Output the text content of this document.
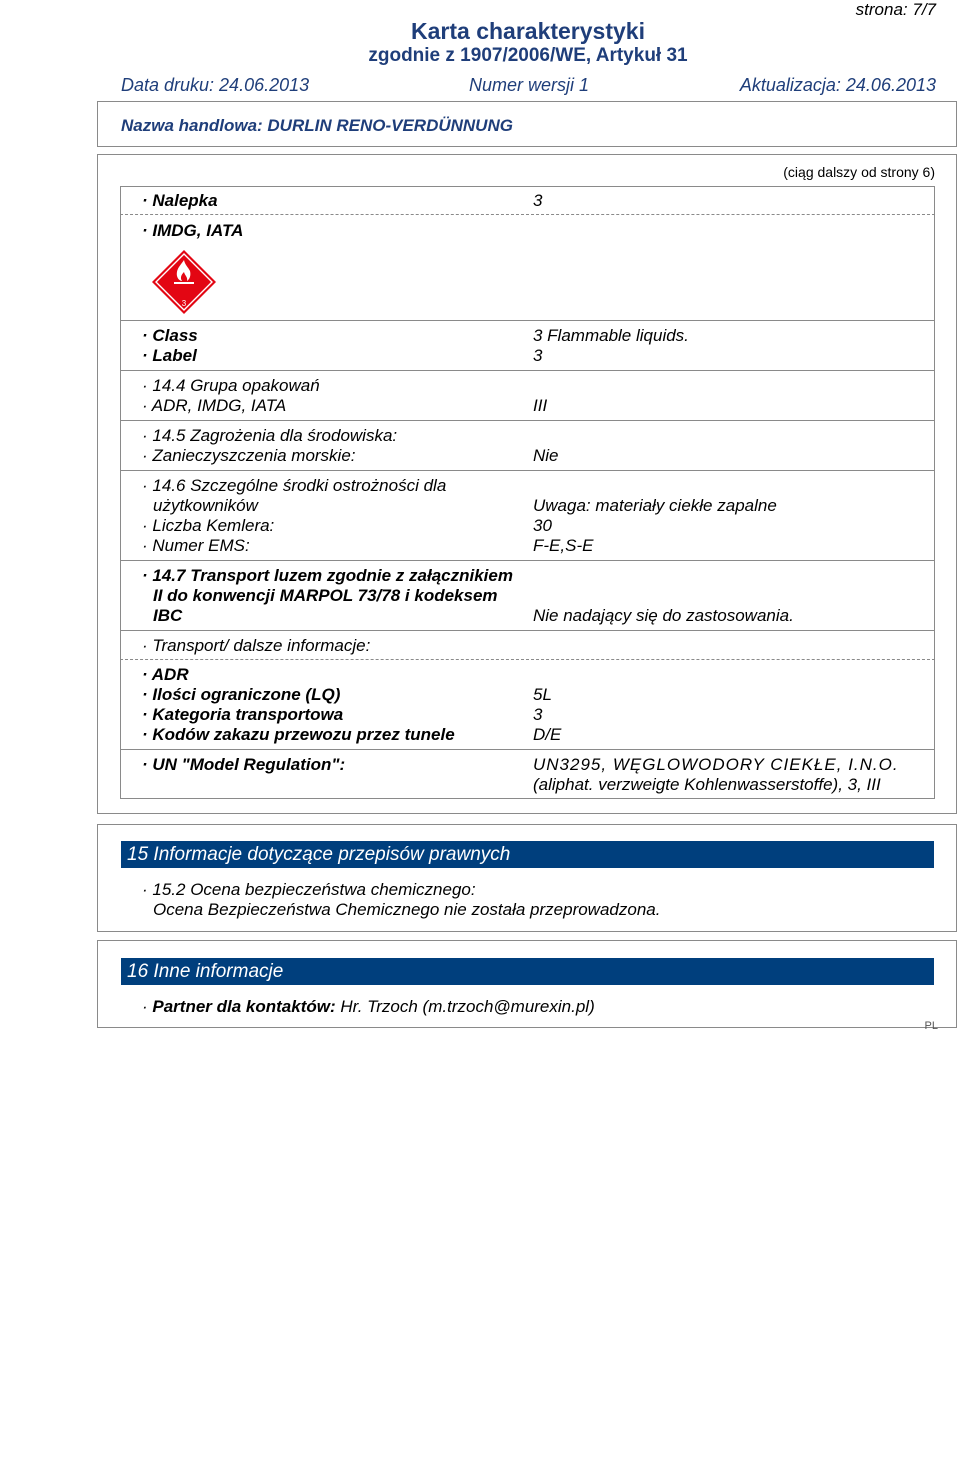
strona: 7/7
Karta charakterystyki
zgodnie z 1907/2006/WE, Artykuł 31
Data druku: 24.06.2013	Numer wersji 1	Aktualizacja: 24.06.2013
Nazwa handlowa: DURLIN RENO-VERDÜNNUNG
(ciąg dalszy od strony 6)
· Nalepka	3
· IMDG, IATA
3
· Class	3 Flammable liquids.
· Label	3
· 14.4 Grupa opakowań
· ADR, IMDG, IATA	III
· 14.5 Zagrożenia dla środowiska:
· Zanieczyszczenia morskie:	Nie
· 14.6 Szczególne środki ostrożności dla
użytkowników	Uwaga: materiały ciekłe zapalne
· Liczba Kemlera:	30
· Numer EMS:	F-E,S-E
· 14.7 Transport luzem zgodnie z załącznikiem
II do konwencji MARPOL 73/78 i kodeksem
IBC	Nie nadający się do zastosowania.
· Transport/ dalsze informacje:
· ADR
· Ilości ograniczone (LQ)	5L
· Kategoria transportowa	3
· Kodów zakazu przewozu przez tunele	D/E
· UN "Model Regulation":	UN3295, WĘGLOWODORY CIEKŁE, I.N.O.
(aliphat. verzweigte Kohlenwasserstoffe), 3, III
15 Informacje dotyczące przepisów prawnych
· 15.2 Ocena bezpieczeństwa chemicznego:
Ocena Bezpieczeństwa Chemicznego nie została przeprowadzona.
16 Inne informacje
· Partner dla kontaktów: Hr. Trzoch (m.trzoch@murexin.pl)
PL
